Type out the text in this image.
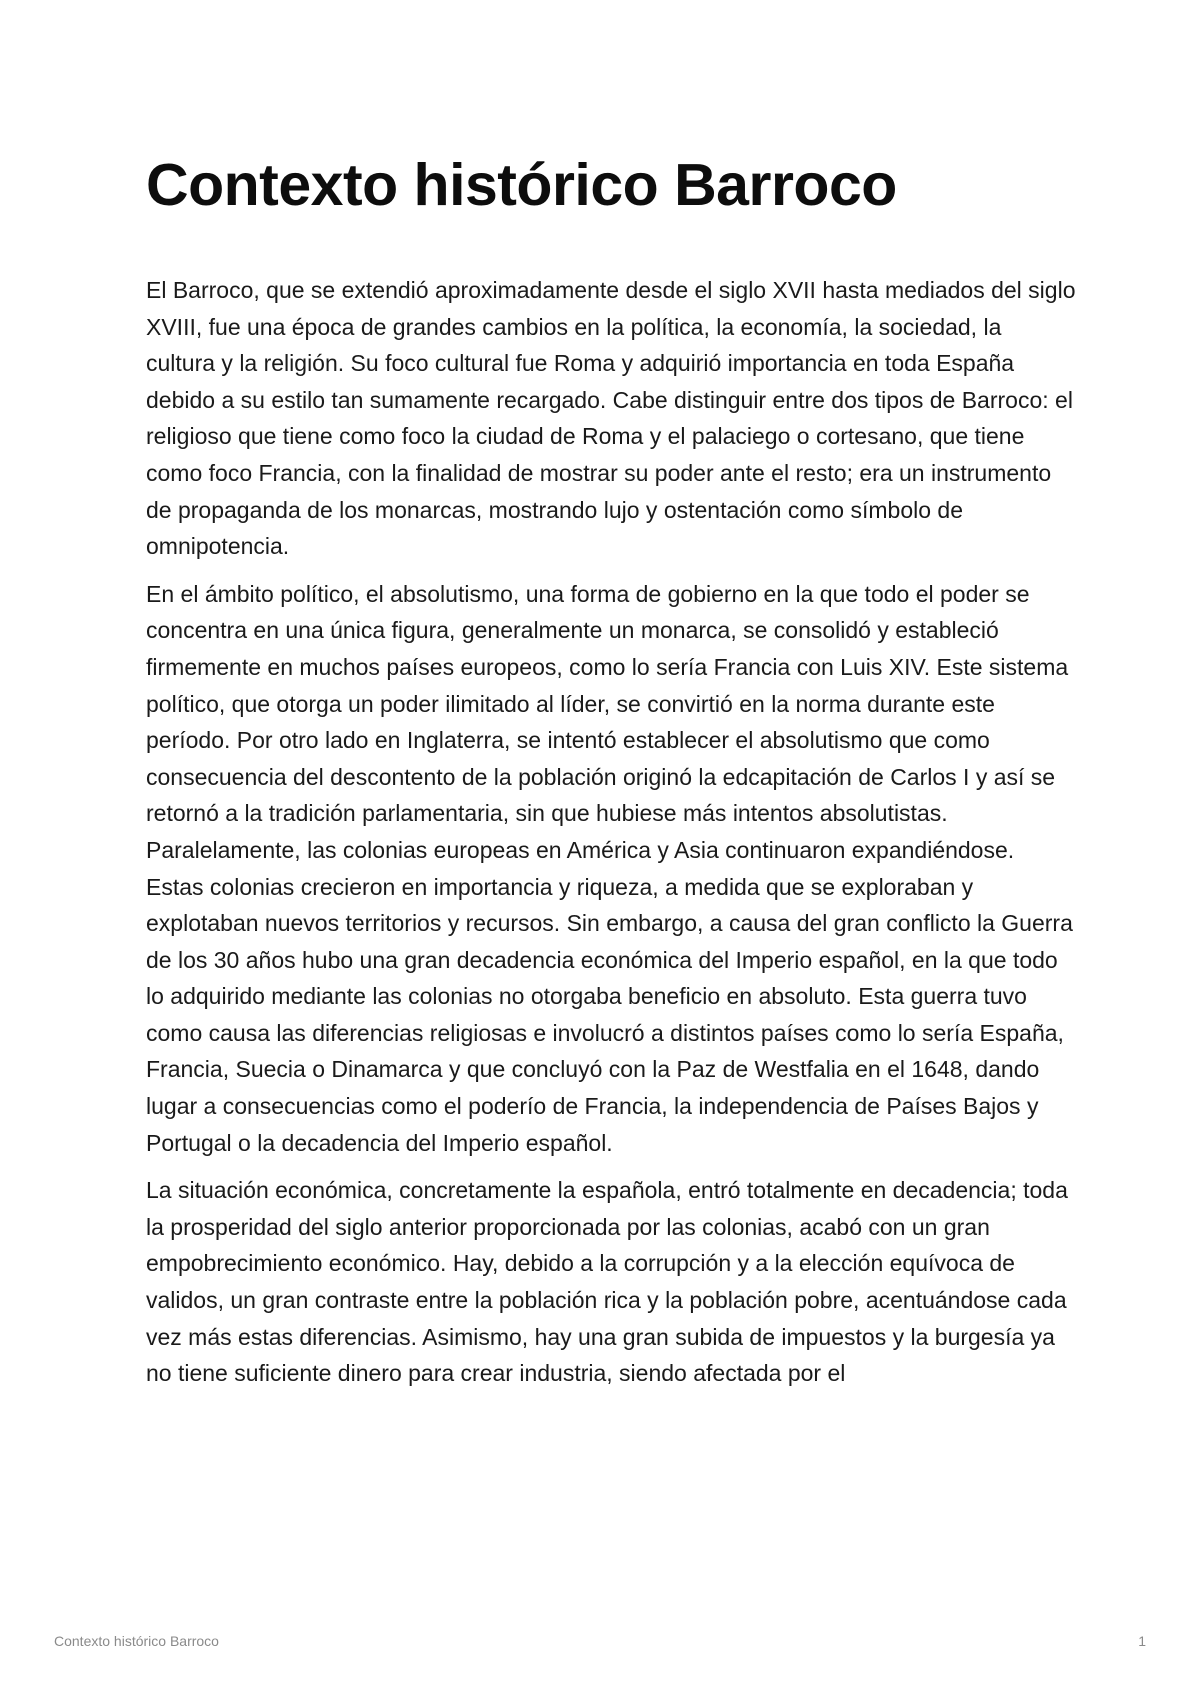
Contexto histórico Barroco

El Barroco, que se extendió aproximadamente desde el siglo XVII hasta mediados del siglo XVIII, fue una época de grandes cambios en la política, la economía, la sociedad, la cultura y la religión. Su foco cultural fue Roma y adquirió importancia en toda España debido a su estilo tan sumamente recargado. Cabe distinguir entre dos tipos de Barroco: el religioso que tiene como foco la ciudad de Roma y el palaciego o cortesano, que tiene como foco Francia, con la finalidad de mostrar su poder ante el resto; era un instrumento de propaganda de los monarcas, mostrando lujo y ostentación como símbolo de omnipotencia.

En el ámbito político, el absolutismo, una forma de gobierno en la que todo el poder se concentra en una única figura, generalmente un monarca, se consolidó y estableció firmemente en muchos países europeos, como lo sería Francia con Luis XIV. Este sistema político, que otorga un poder ilimitado al líder, se convirtió en la norma durante este período. Por otro lado en Inglaterra, se intentó establecer el absolutismo que como consecuencia del descontento de la población originó la edcapitación de Carlos I y así se retornó a la tradición parlamentaria, sin que hubiese más intentos absolutistas. Paralelamente, las colonias europeas en América y Asia continuaron expandiéndose. Estas colonias crecieron en importancia y riqueza, a medida que se exploraban y explotaban nuevos territorios y recursos. Sin embargo, a causa del gran conflicto la Guerra de los 30 años hubo una gran decadencia económica del Imperio español, en la que todo lo adquirido mediante las colonias no otorgaba beneficio en absoluto. Esta guerra tuvo como causa las diferencias religiosas e involucró a distintos países como lo sería España, Francia, Suecia o Dinamarca y que concluyó con la Paz de Westfalia en el 1648, dando lugar a consecuencias como el poderío de Francia, la independencia de Países Bajos y Portugal o la decadencia del Imperio español.

La situación económica, concretamente la española, entró totalmente en decadencia; toda la prosperidad del siglo anterior proporcionada por las colonias, acabó con un gran empobrecimiento económico. Hay, debido a la corrupción y a la elección equívoca de validos, un gran contraste entre la población rica y la población pobre, acentuándose cada vez más estas diferencias. Asimismo, hay una gran subida de impuestos y la burgesía ya no tiene suficiente dinero para crear industria, siendo afectada por el

Contexto histórico Barroco	1
